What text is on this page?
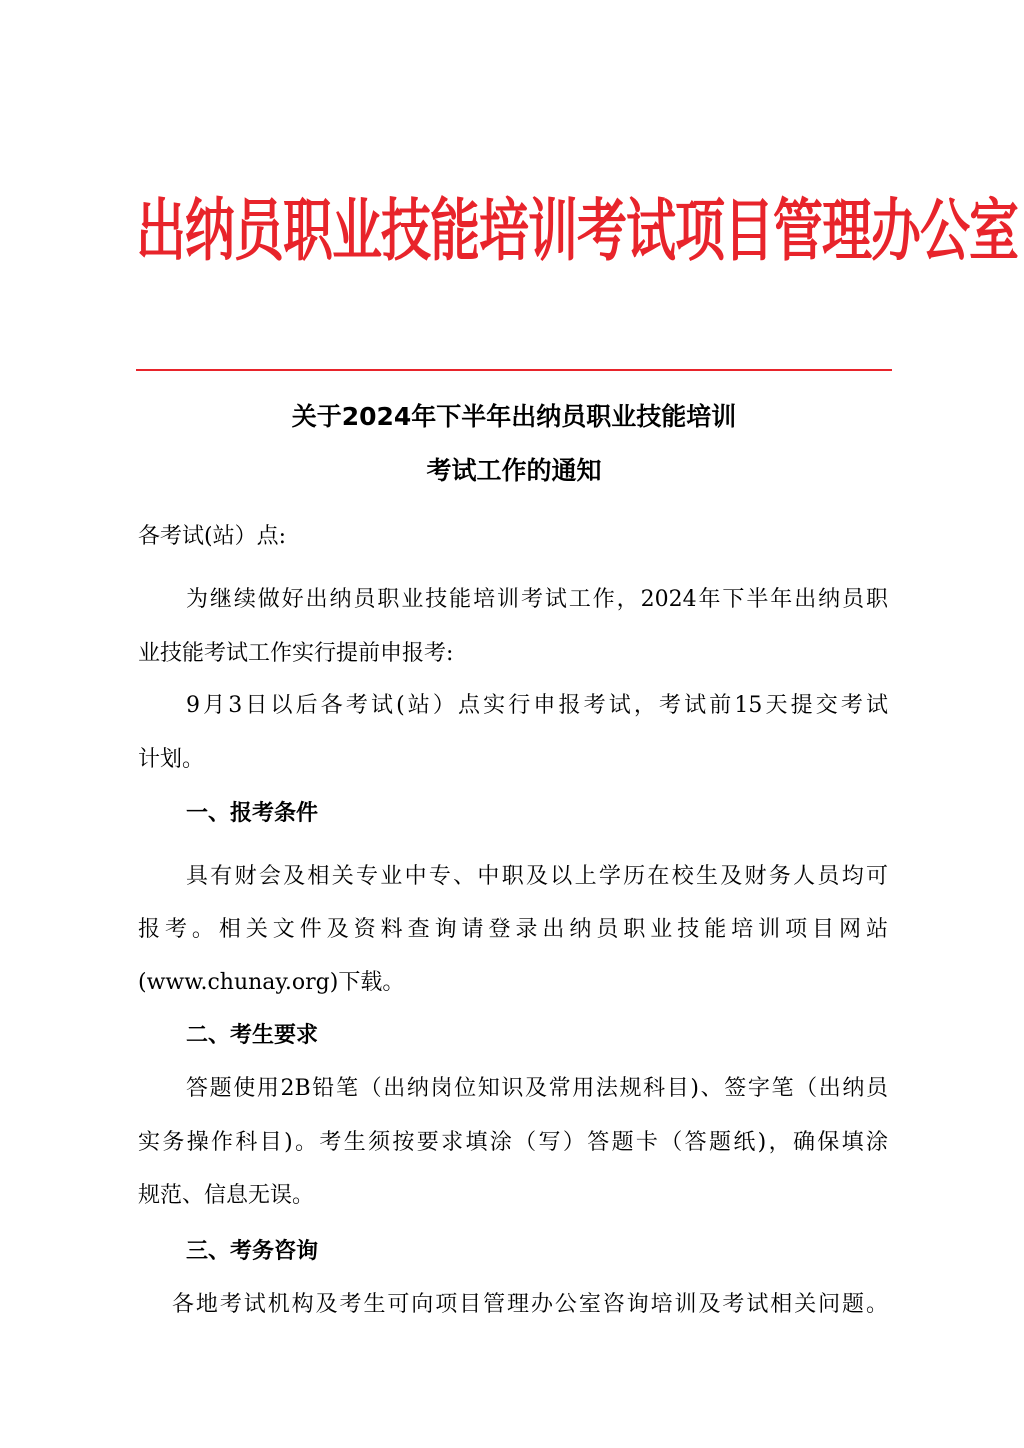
出纳员职业技能培训考试项目管理办公室
关于2024年下半年出纳员职业技能培训
考试工作的通知
各考试(站）点:
为继续做好出纳员职业技能培训考试工作，2024年下半年出纳员职
业技能考试工作实行提前申报考:
9月3日以后各考试(站）点实行申报考试，考试前15天提交考试
计划。
一、报考条件
具有财会及相关专业中专、中职及以上学历在校生及财务人员均可
报考。相关文件及资料查询请登录出纳员职业技能培训项目网站
(www.chunay.org)下载。
二、考生要求
答题使用2B铅笔（出纳岗位知识及常用法规科目)、签字笔（出纳员
实务操作科目)。考生须按要求填涂（写）答题卡（答题纸)，确保填涂
规范、信息无误。
三、考务咨询
各地考试机构及考生可向项目管理办公室咨询培训及考试相关问题。
